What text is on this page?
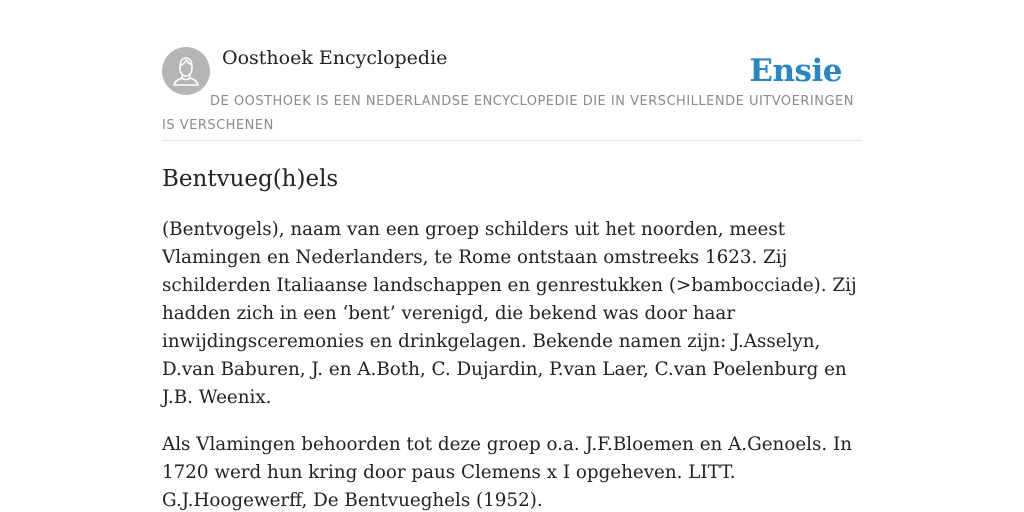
Oosthoek Encyclopedie	Ensie
DE OOSTHOEK IS EEN NEDERLANDSE ENCYCLOPEDIE DIE IN VERSCHILLENDE UITVOERINGEN IS VERSCHENEN
Bentvueg(h)els

(Bentvogels), naam van een groep schilders uit het noorden, meest Vlamingen en Nederlanders, te Rome ontstaan omstreeks 1623. Zij schilderden Italiaanse landschappen en genrestukken (>bambocciade). Zij hadden zich in een ‘bent’ verenigd, die bekend was door haar inwijdingsceremonies en drinkgelagen. Bekende namen zijn: J.Asselyn, D.van Baburen, J. en A.Both, C. Dujardin, P.van Laer, C.van Poelenburg en J.B. Weenix.

Als Vlamingen behoorden tot deze groep o.a. J.F.Bloemen en A.Genoels. In 1720 werd hun kring door paus Clemens x I opgeheven. LITT. G.J.Hoogewerff, De Bentvueghels (1952).
